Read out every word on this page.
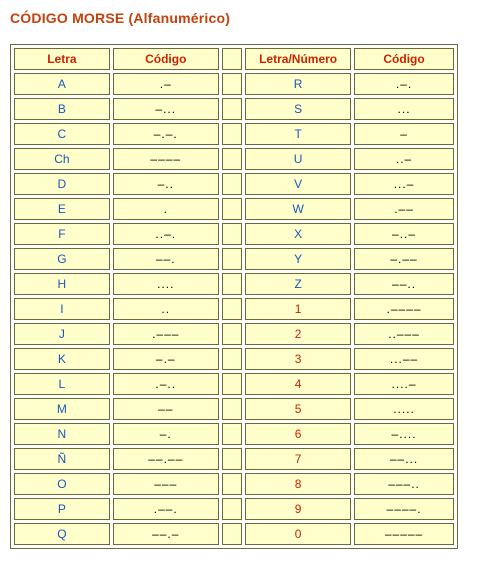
CÓDIGO MORSE (Alfanumérico)
Letra	Código		Letra/Número	Código
A	.–		R	.–.
B	–...		S	...
C	–.–.		T	–
Ch	––––		U	..–
D	–..		V	...–
E	.		W	.––
F	..–.		X	–..–
G	––.		Y	–.––
H	....		Z	––..
I	..		1	.––––
J	.–––		2	..–––
K	–.–		3	...––
L	.–..		4	....–
M	––		5	.....
N	–.		6	–....
Ñ	––.––		7	––...
O	–––		8	–––..
P	.––.		9	––––.
Q	––.–		0	–––––
